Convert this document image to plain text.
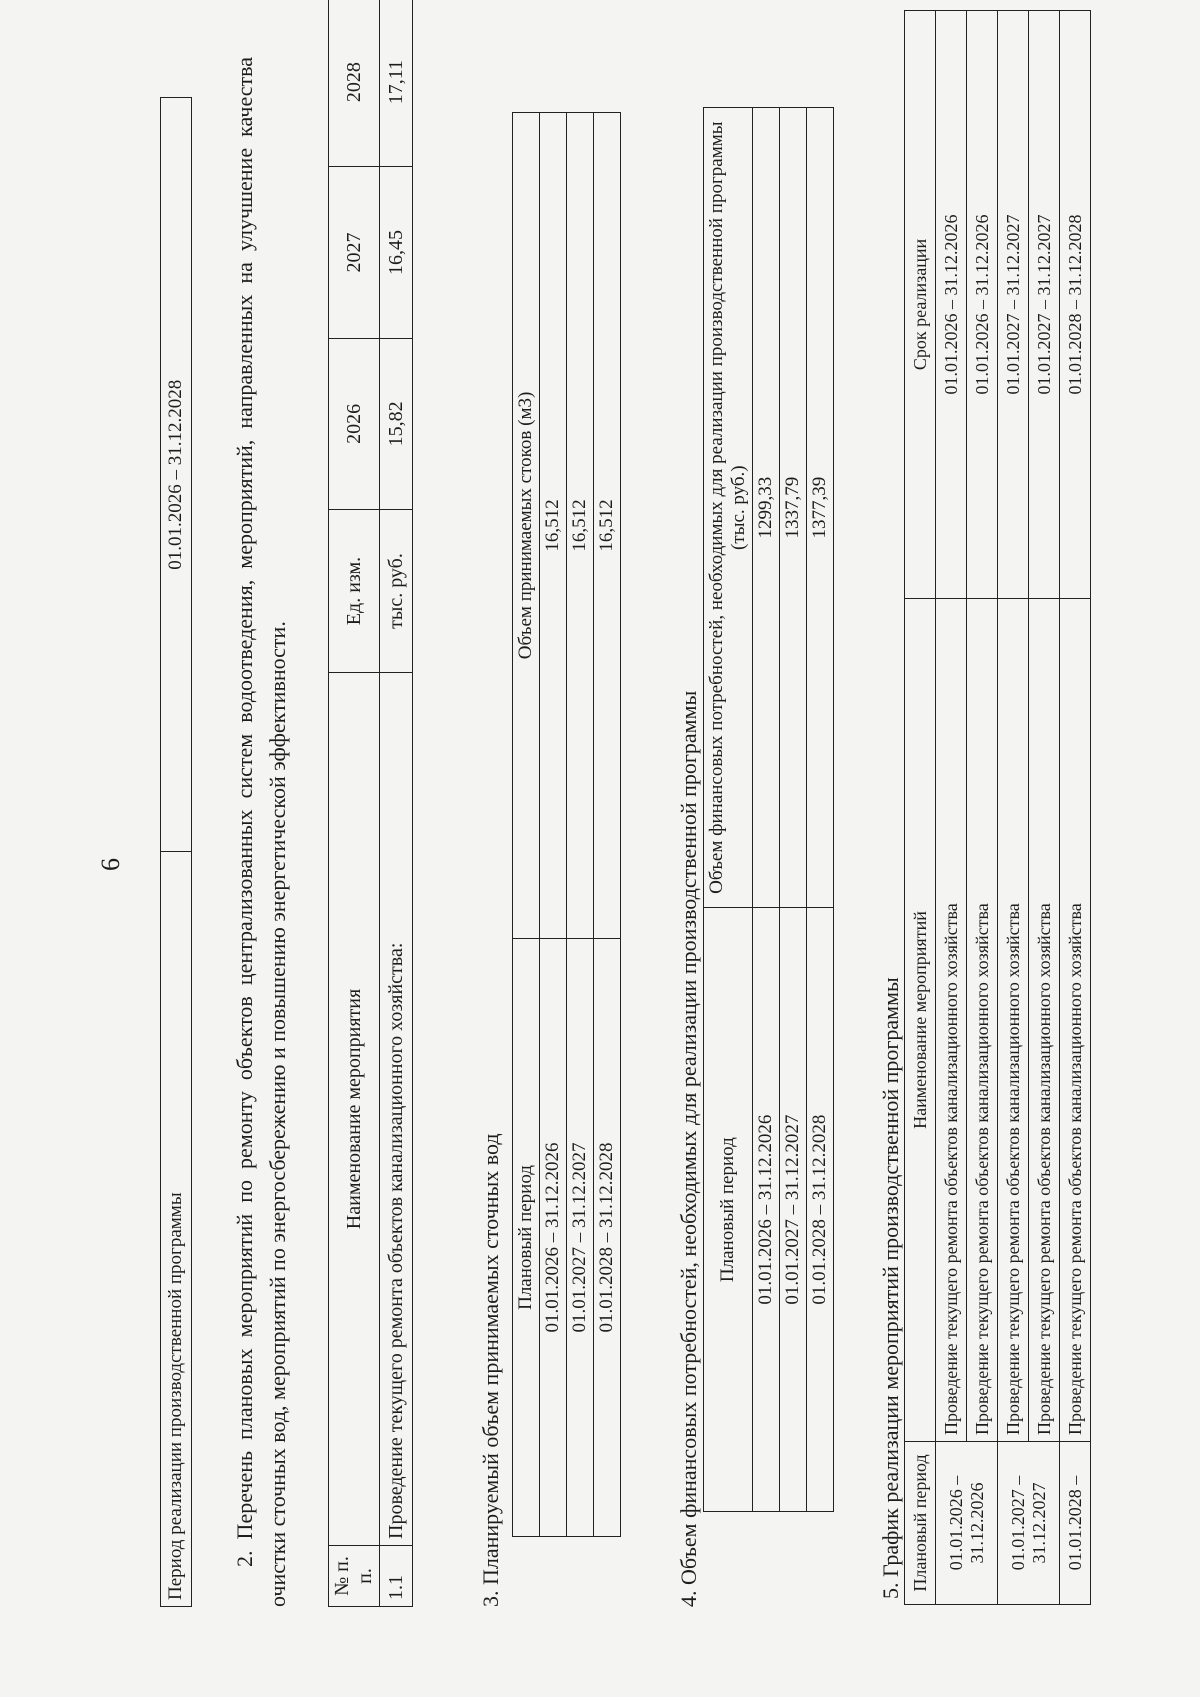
6
Период реализации производственной программы	01.01.2026 – 31.12.2028 2. Перечень плановых мероприятий по ремонту объектов централизованных систем водоотведения, мероприятий, направленных на улучшение качества очистки сточных вод, мероприятий по энергосбережению и повышению энергетической эффективности. № п. п.	Наименование мероприятия	Ед. изм.	2026	2027	2028
1.1	Проведение текущего ремонта объектов канализационного хозяйства:	тыс. руб.	15,82	16,45	17,11
3. Планируемый объем принимаемых сточных вод Плановый период	Объем принимаемых стоков (м3)
01.01.2026 – 31.12.2026	16,512
01.01.2027 – 31.12.2027	16,512
01.01.2028 – 31.12.2028	16,512
4. Объем финансовых потребностей, необходимых для реализации производственной программы Плановый период	Объем финансовых потребностей, необходимых для реализации производственной программы (тыс. руб.)
01.01.2026 – 31.12.2026	1299,33
01.01.2027 – 31.12.2027	1337,79
01.01.2028 – 31.12.2028	1377,39
5. График реализации мероприятий производственной программы Плановый период	Наименование мероприятий	Срок реализации
01.01.2026 – 31.12.2026	Проведение текущего ремонта объектов канализационного хозяйства	01.01.2026 – 31.12.2026
	Проведение текущего ремонта объектов канализационного хозяйства	01.01.2026 – 31.12.2026
01.01.2027 – 31.12.2027	Проведение текущего ремонта объектов канализационного хозяйства	01.01.2027 – 31.12.2027
	Проведение текущего ремонта объектов канализационного хозяйства	01.01.2027 – 31.12.2027
01.01.2028 –	Проведение текущего ремонта объектов канализационного хозяйства	01.01.2028 – 31.12.2028
